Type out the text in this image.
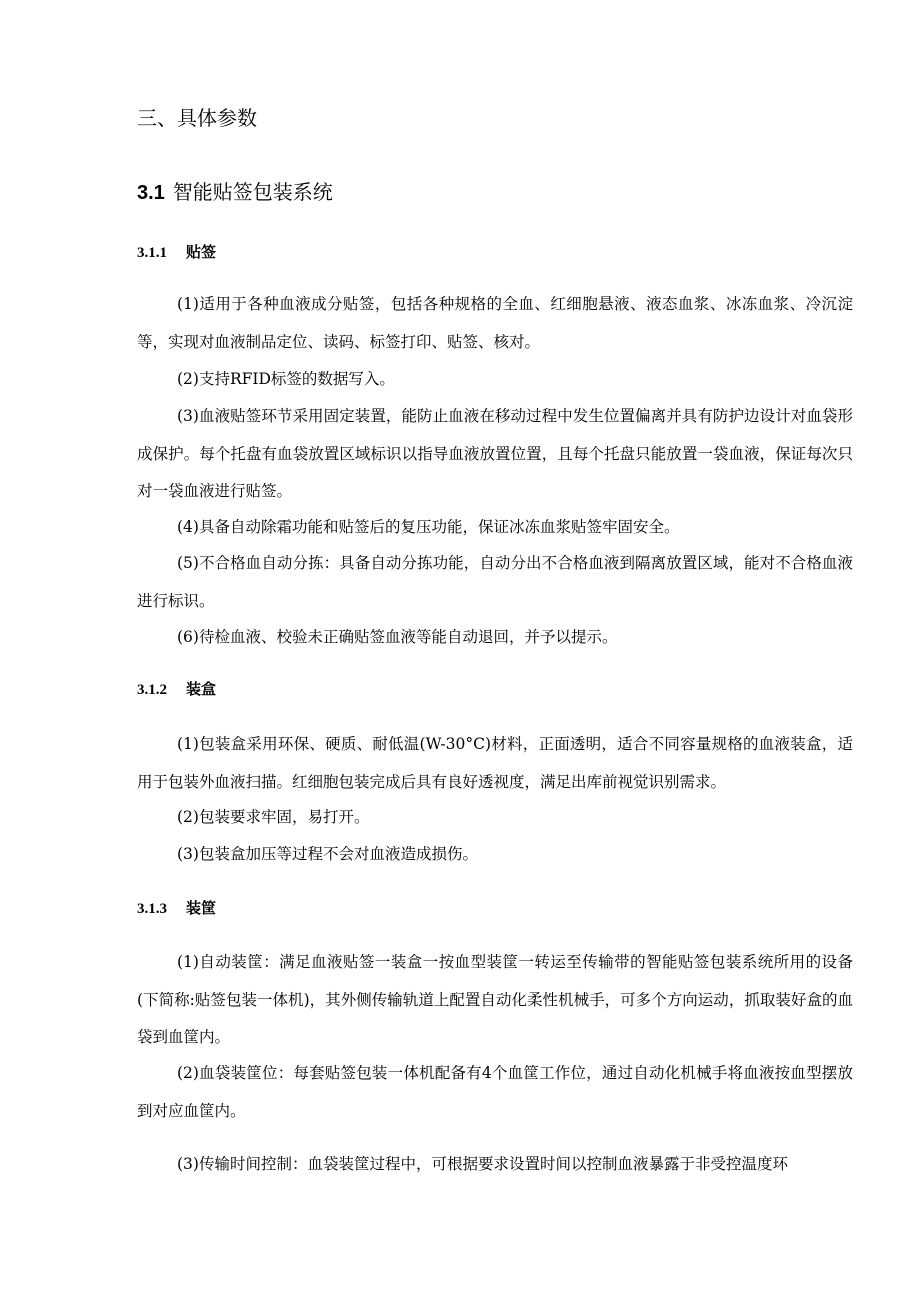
三、具体参数
3.1 智能贴签包装系统
3.1.1 贴签

(1)适用于各种血液成分贴签，包括各种规格的全血、红细胞悬液、液态血浆、冰冻血浆、冷沉淀等，实现对血液制品定位、读码、标签打印、贴签、核对。

(2)支持RFID标签的数据写入。

(3)血液贴签环节采用固定装置，能防止血液在移动过程中发生位置偏离并具有防护边设计对血袋形成保护。每个托盘有血袋放置区域标识以指导血液放置位置，且每个托盘只能放置一袋血液，保证每次只对一袋血液进行贴签。

(4)具备自动除霜功能和贴签后的复压功能，保证冰冻血浆贴签牢固安全。

(5)不合格血自动分拣：具备自动分拣功能，自动分出不合格血液到隔离放置区域，能对不合格血液进行标识。

(6)待检血液、校验未正确贴签血液等能自动退回，并予以提示。

3.1.2 装盒

(1)包装盒采用环保、硬质、耐低温(W-30°C)材料，正面透明，适合不同容量规格的血液装盒，适用于包装外血液扫描。红细胞包装完成后具有良好透视度，满足出库前视觉识别需求。

(2)包装要求牢固，易打开。

(3)包装盒加压等过程不会对血液造成损伤。

3.1.3 装筐

(1)自动装筐：满足血液贴签一装盒一按血型装筐一转运至传输带的智能贴签包装系统所用的设备(下简称:贴签包装一体机)，其外侧传输轨道上配置自动化柔性机械手，可多个方向运动，抓取装好盒的血袋到血筐内。

(2)血袋装筐位：每套贴签包装一体机配备有4个血筐工作位，通过自动化机械手将血液按血型摆放到对应血筐内。

(3)传输时间控制：血袋装筐过程中，可根据要求设置时间以控制血液暴露于非受控温度环
